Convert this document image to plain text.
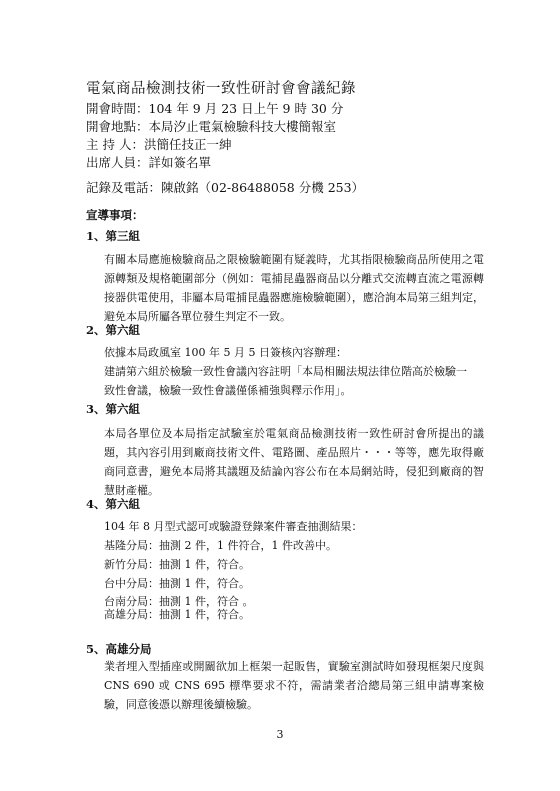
電氣商品檢測技術一致性研討會會議紀錄
開會時間：104 年 9 月 23 日上午 9 時 30 分
開會地點：本局汐止電氣檢驗科技大樓簡報室
主 持 人：洪簡任技正一紳
出席人員：詳如簽名單
記錄及電話：陳啟銘（02-86488058 分機 253）
宣導事項：
1、第三組
有關本局應施檢驗商品之限檢驗範圍有疑義時，尤其指限檢驗商品所使用之電源轉類及規格範圍部分（例如：電捕昆蟲器商品以分離式交流轉直流之電源轉接器供電使用，非屬本局電捕昆蟲器應施檢驗範圍），應洽詢本局第三組判定，避免本局所屬各單位發生判定不一致。
2、第六組
依據本局政風室 100 年 5 月 5 日簽核內容辦理：
建請第六組於檢驗一致性會議內容註明「本局相關法規法律位階高於檢驗一
致性會議，檢驗一致性會議僅係補強與釋示作用」。
3、第六組
本局各單位及本局指定試驗室於電氣商品檢測技術一致性研討會所提出的議題，其內容引用到廠商技術文件、電路圖、產品照片・・・等等，應先取得廠商同意書，避免本局將其議題及結論內容公布在本局網站時，侵犯到廠商的智慧財產權。
4、第六組
104 年 8 月型式認可或驗證登錄案件審查抽測結果：
基隆分局：抽測 2 件，1 件符合，1 件改善中。
新竹分局：抽測 1 件，符合。
台中分局：抽測 1 件，符合。
台南分局：抽測 1 件，符合 。
高雄分局：抽測 1 件，符合。
5、高雄分局
業者埋入型插座或開關欲加上框架一起販售，實驗室測試時如發現框架尺度與 CNS 690 或 CNS 695 標準要求不符，需請業者洽總局第三組申請專案檢驗，同意後憑以辦理後續檢驗。
3
